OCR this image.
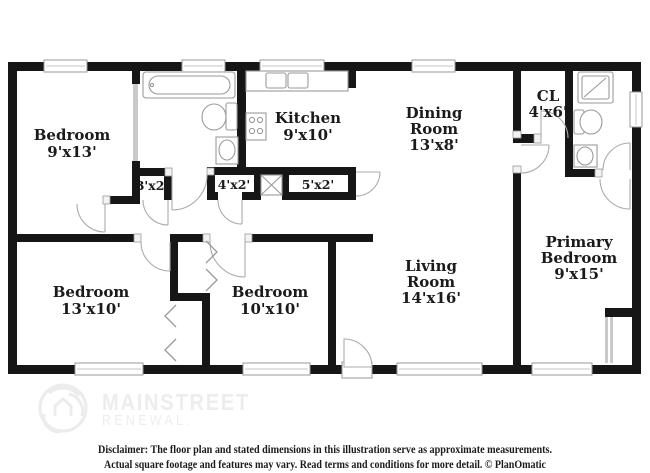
Bedroom
9'x13'
Kitchen
9'x10'
Dining
Room
13'x8'
CL
4'x6'
Living
Room
14'x16'
Primary
Bedroom
9'x15'
Bedroom
13'x10'
Bedroom
10'x10'
3'x2'	4'x2'	5'x2'
MAINSTREET
RENEWAL.
Disclaimer: The floor plan and stated dimensions in this illustration serve as approximate measurements.
Actual square footage and features may vary. Read terms and conditions for more detail. © PlanOmatic
